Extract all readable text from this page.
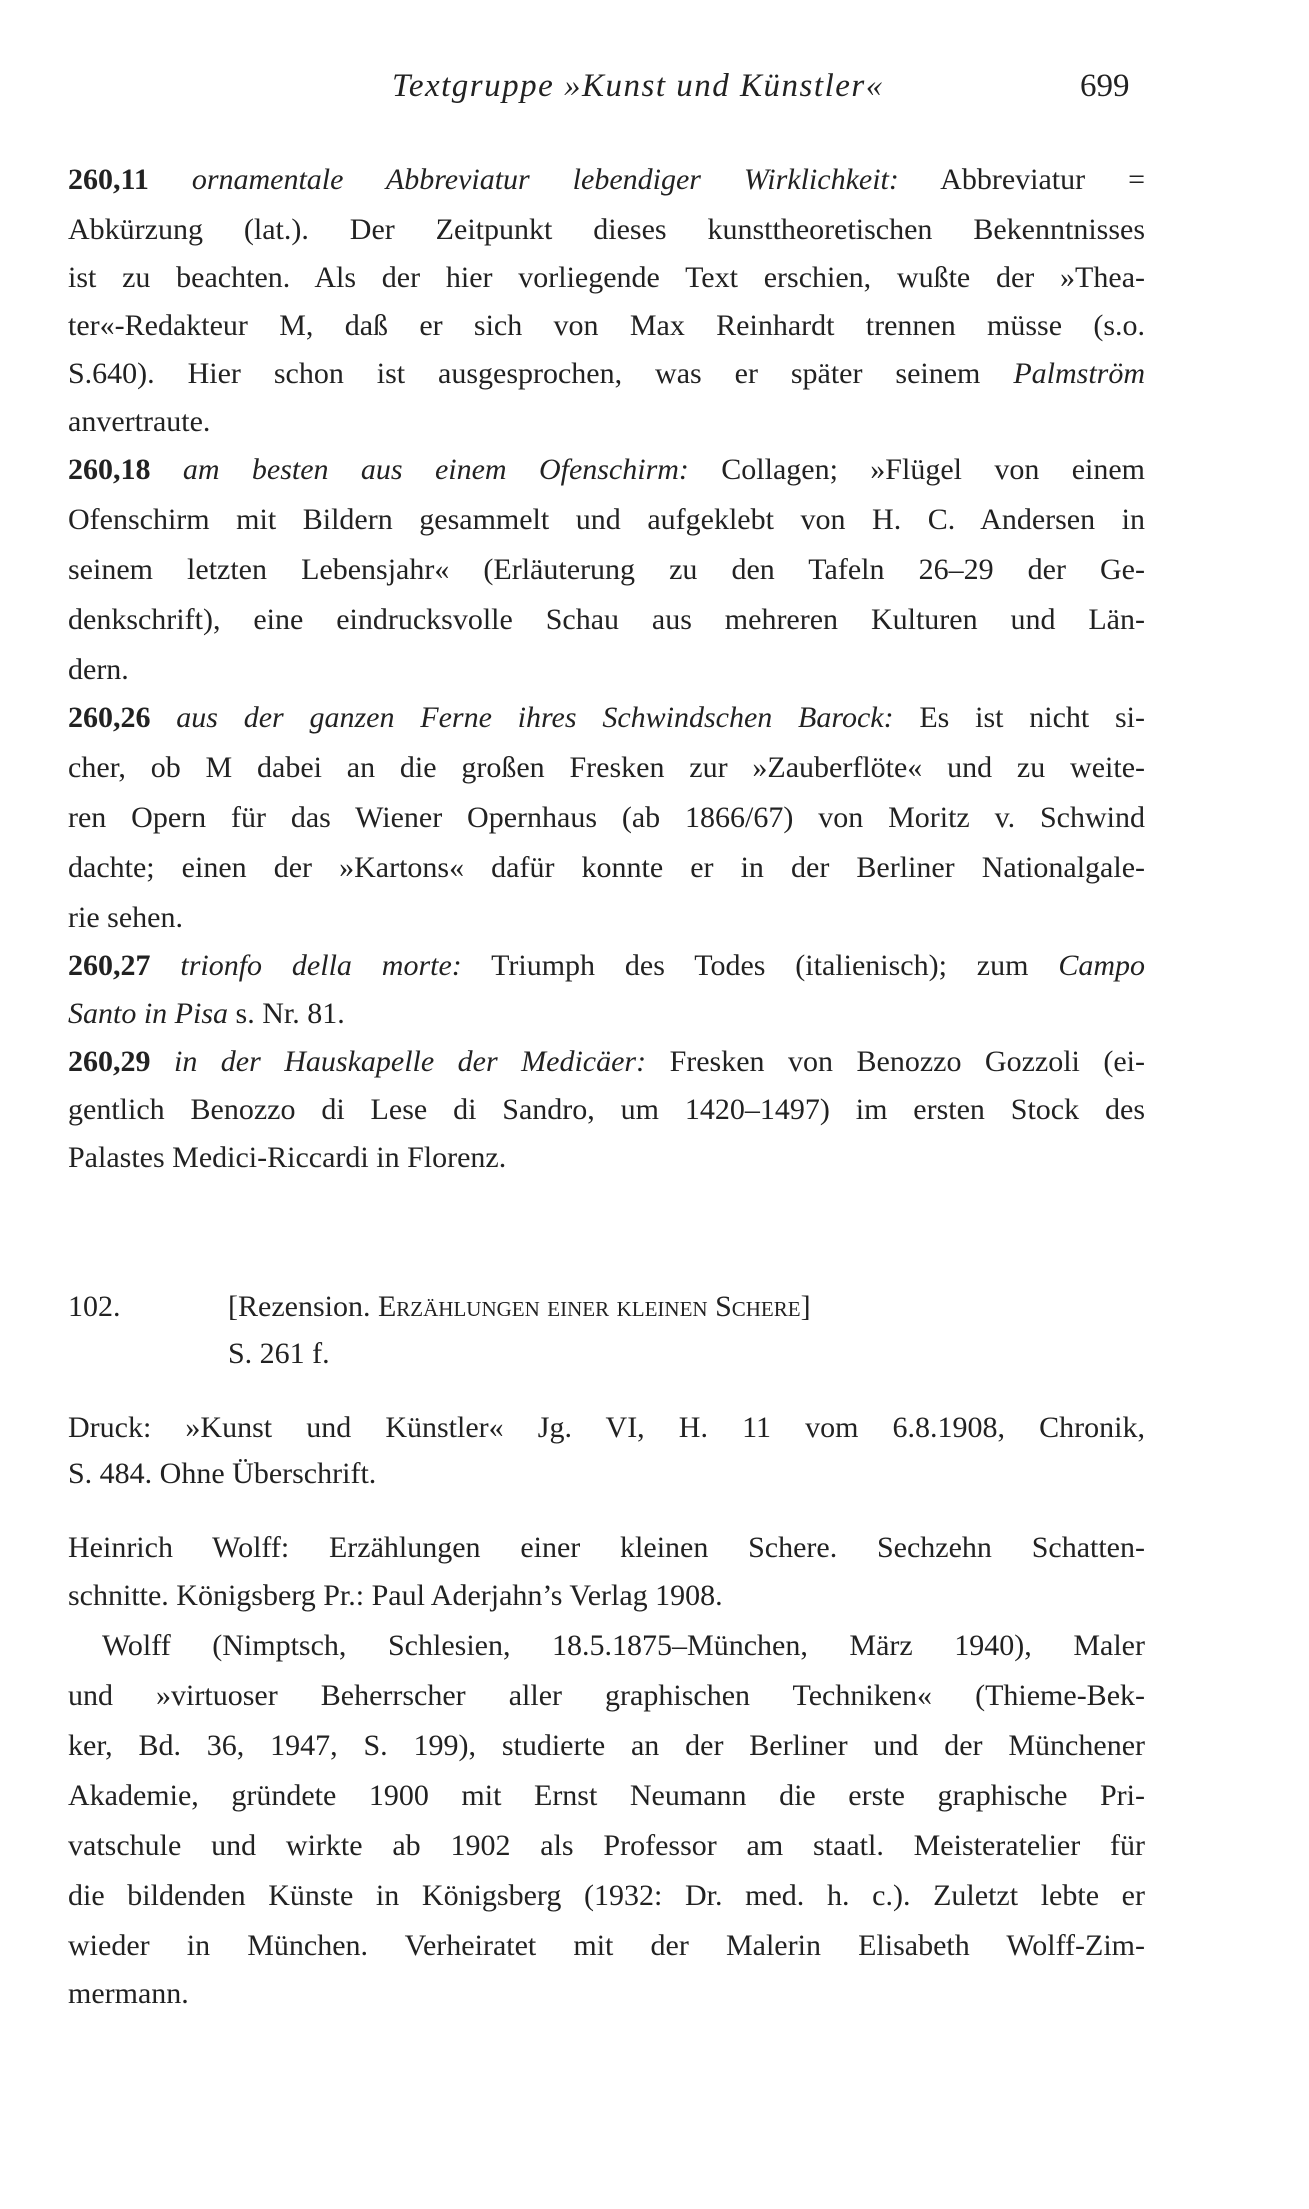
Textgruppe »Kunst und Künstler«	699
260,11 ornamentale Abbreviatur lebendiger Wirklichkeit: Abbreviatur =
Abkürzung (lat.). Der Zeitpunkt dieses kunsttheoretischen Bekenntnisses
ist zu beachten. Als der hier vorliegende Text erschien, wußte der »Thea-
ter«-Redakteur M, daß er sich von Max Reinhardt trennen müsse (s.o.
S.640). Hier schon ist ausgesprochen, was er später seinem Palmström
anvertraute.
260,18 am besten aus einem Ofenschirm: Collagen; »Flügel von einem
Ofenschirm mit Bildern gesammelt und aufgeklebt von H. C. Andersen in
seinem letzten Lebensjahr« (Erläuterung zu den Tafeln 26–29 der Ge-
denkschrift), eine eindrucksvolle Schau aus mehreren Kulturen und Län-
dern.
260,26 aus der ganzen Ferne ihres Schwindschen Barock: Es ist nicht si-
cher, ob M dabei an die großen Fresken zur »Zauberflöte« und zu weite-
ren Opern für das Wiener Opernhaus (ab 1866/67) von Moritz v. Schwind
dachte; einen der »Kartons« dafür konnte er in der Berliner Nationalgale-
rie sehen.
260,27 trionfo della morte: Triumph des Todes (italienisch); zum Campo
Santo in Pisa s. Nr. 81.
260,29 in der Hauskapelle der Medicäer: Fresken von Benozzo Gozzoli (ei-
gentlich Benozzo di Lese di Sandro, um 1420–1497) im ersten Stock des
Palastes Medici-Riccardi in Florenz.
102.	[Rezension. Erzählungen einer kleinen Schere]
S. 261 f.
Druck: »Kunst und Künstler« Jg. VI, H. 11 vom 6.8.1908, Chronik,
S. 484. Ohne Überschrift.
Heinrich Wolff: Erzählungen einer kleinen Schere. Sechzehn Schatten-
schnitte. Königsberg Pr.: Paul Aderjahn’s Verlag 1908.
Wolff (Nimptsch, Schlesien, 18.5.1875–München, März 1940), Maler
und »virtuoser Beherrscher aller graphischen Techniken« (Thieme-Bek-
ker, Bd. 36, 1947, S. 199), studierte an der Berliner und der Münchener
Akademie, gründete 1900 mit Ernst Neumann die erste graphische Pri-
vatschule und wirkte ab 1902 als Professor am staatl. Meisteratelier für
die bildenden Künste in Königsberg (1932: Dr. med. h. c.). Zuletzt lebte er
wieder in München. Verheiratet mit der Malerin Elisabeth Wolff-Zim-
mermann.
